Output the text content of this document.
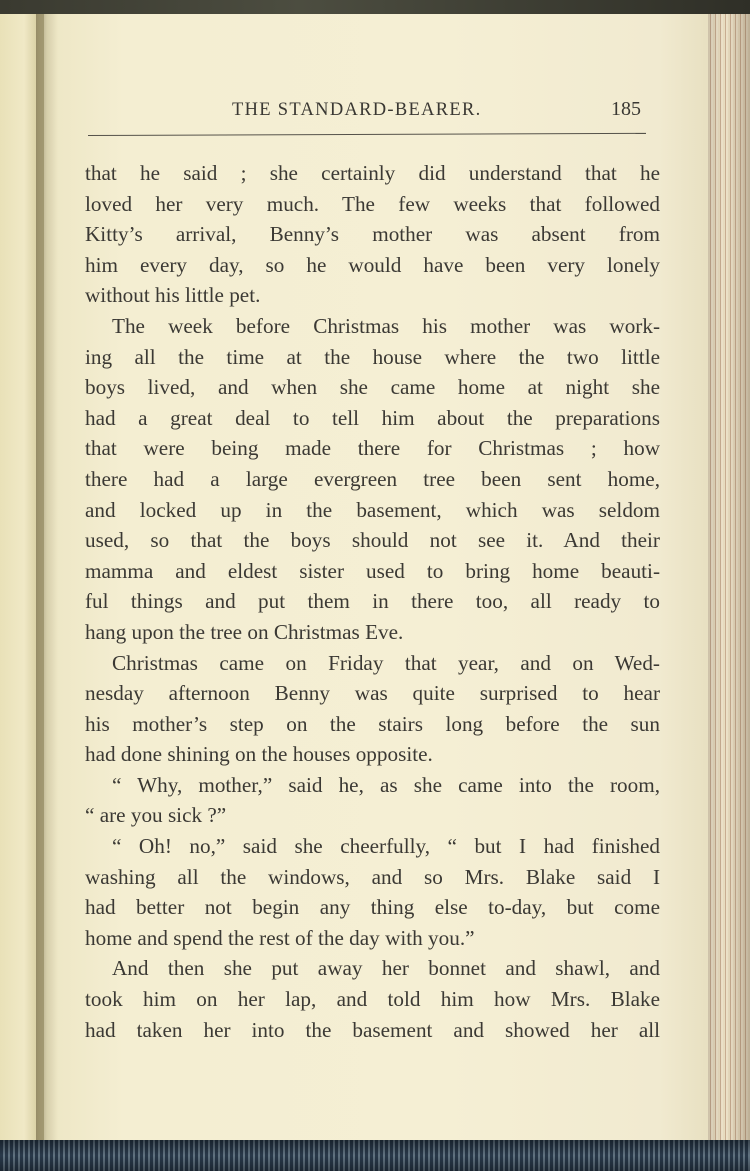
THE STANDARD-BEARER.	185
that he said ; she certainly did understand that he
loved her very much. The few weeks that followed
Kitty’s arrival, Benny’s mother was absent from
him every day, so he would have been very lonely
without his little pet.
The week before Christmas his mother was work-
ing all the time at the house where the two little
boys lived, and when she came home at night she
had a great deal to tell him about the preparations
that were being made there for Christmas ; how
there had a large evergreen tree been sent home,
and locked up in the basement, which was seldom
used, so that the boys should not see it. And their
mamma and eldest sister used to bring home beauti-
ful things and put them in there too, all ready to
hang upon the tree on Christmas Eve.
Christmas came on Friday that year, and on Wed-
nesday afternoon Benny was quite surprised to hear
his mother’s step on the stairs long before the sun
had done shining on the houses opposite.
“ Why, mother,” said he, as she came into the room,
“ are you sick ?”
“ Oh! no,” said she cheerfully, “ but I had finished
washing all the windows, and so Mrs. Blake said I
had better not begin any thing else to-day, but come
home and spend the rest of the day with you.”
And then she put away her bonnet and shawl, and
took him on her lap, and told him how Mrs. Blake
had taken her into the basement and showed her all
